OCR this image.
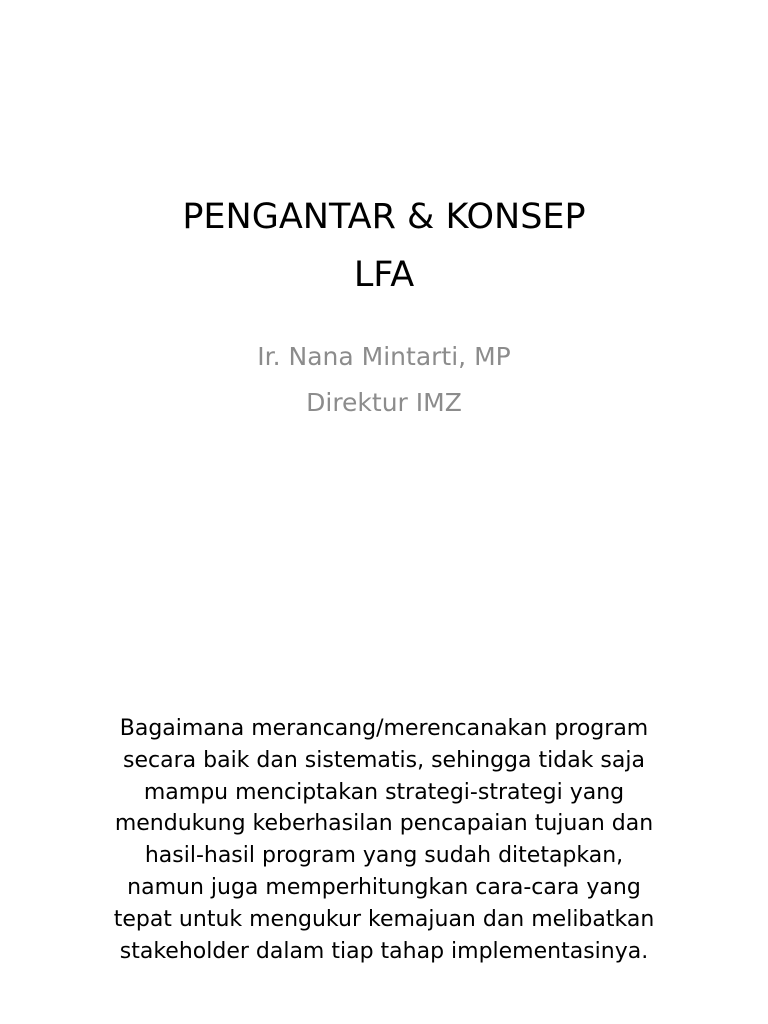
PENGANTAR & KONSEP
LFA
Ir. Nana Mintarti, MP
Direktur IMZ
Bagaimana merancang/merencanakan program
secara baik dan sistematis, sehingga tidak saja
mampu menciptakan strategi-strategi yang
mendukung keberhasilan pencapaian tujuan dan
hasil-hasil program yang sudah ditetapkan,
namun juga memperhitungkan cara-cara yang
tepat untuk mengukur kemajuan dan melibatkan
stakeholder dalam tiap tahap implementasinya.
